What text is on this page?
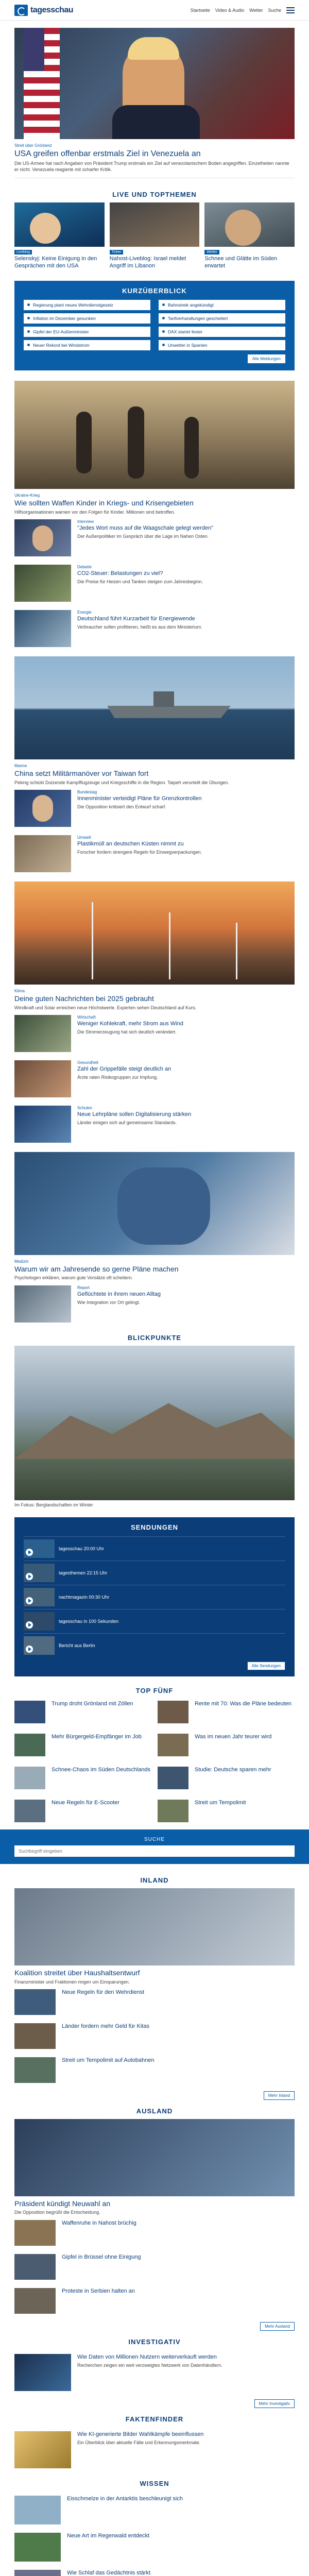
tagesschau	Startseite Video & Audio Wetter Suche
Streit über Grönland
USA greifen offenbar erstmals Ziel in Venezuela an
Die US-Armee hat nach Angaben von Präsident Trump erstmals ein Ziel auf venezolanischem Boden angegriffen. Einzelheiten nannte er nicht. Venezuela reagierte mit scharfer Kritik.
LIVE UND TOPTHEMEN
Liveblog
Selenskyj: Keine Einigung in den Gesprächen mit den USA
Ticker
Nahost-Liveblog: Israel meldet Angriff im Libanon
Wetter
Schnee und Glätte im Süden erwartet
KURZÜBERBLICK
Regierung plant neues Wehrdienstgesetz	Bahnstreik angekündigt
Inflation im Dezember gesunken	Tarifverhandlungen gescheitert
Gipfel der EU-Außenminister	DAX startet fester
Neuer Rekord bei Windstrom	Unwetter in Spanien
Alle Meldungen
Ukraine-Krieg
Wie sollten Waffen Kinder in Kriegs- und Krisengebieten
Hilfsorganisationen warnen vor den Folgen für Kinder. Millionen sind betroffen.
Interview
"Jedes Wort muss auf die Waagschale gelegt werden"
Der Außenpolitiker im Gespräch über die Lage im Nahen Osten.
Debatte
CO2-Steuer: Belastungen zu viel?
Die Preise für Heizen und Tanken steigen zum Jahresbeginn.
Energie
Deutschland führt Kurzarbeit für Energiewende
Verbraucher sollen profitieren, heißt es aus dem Ministerium.
Marine
China setzt Militärmanöver vor Taiwan fort
Peking schickt Dutzende Kampfflugzeuge und Kriegsschiffe in die Region. Taipeh verurteilt die Übungen.
Bundestag
Innenminister verteidigt Pläne für Grenzkontrollen
Die Opposition kritisiert den Entwurf scharf.
Umwelt
Plastikmüll an deutschen Küsten nimmt zu
Forscher fordern strengere Regeln für Einwegverpackungen.
Klima
Deine guten Nachrichten bei 2025 gebrauht
Windkraft und Solar erreichen neue Höchstwerte. Experten sehen Deutschland auf Kurs.
Wirtschaft
Weniger Kohlekraft, mehr Strom aus Wind
Die Stromerzeugung hat sich deutlich verändert.
Gesundheit
Zahl der Grippefälle steigt deutlich an
Ärzte raten Risikogruppen zur Impfung.
Schulen
Neue Lehrpläne sollen Digitalisierung stärken
Länder einigen sich auf gemeinsame Standards.
Medizin
Warum wir am Jahresende so gerne Pläne machen
Psychologen erklären, warum gute Vorsätze oft scheitern.
Report
Geflüchtete in ihrem neuen Alltag
Wie Integration vor Ort gelingt.
BLICKPUNKTE
Im Fokus: Berglandschaften im Winter
SENDUNGEN
tagesschau 20:00 Uhr
tagesthemen 22:15 Uhr
nachtmagazin 00:30 Uhr
tagesschau in 100 Sekunden
Bericht aus Berlin
Alle Sendungen
TOP FÜNF
Trump droht Grönland mit Zöllen	Rente mit 70: Was die Pläne bedeuten
Mehr Bürgergeld-Empfänger im Job	Was im neuen Jahr teurer wird
Schnee-Chaos im Süden Deutschlands	Studie: Deutsche sparen mehr
Neue Regeln für E-Scooter	Streit um Tempolimit
SUCHE
Suchbegriff eingeben
INLAND
Koalition streitet über Haushaltsentwurf
Finanzminister und Fraktionen ringen um Einsparungen.
Neue Regeln für den Wehrdienst
Länder fordern mehr Geld für Kitas
Streit um Tempolimit auf Autobahnen
Mehr Inland
AUSLAND
Präsident kündigt Neuwahl an
Die Opposition begrüßt die Entscheidung.
Waffenruhe in Nahost brüchig
Gipfel in Brüssel ohne Einigung
Proteste in Serbien halten an
Mehr Ausland
INVESTIGATIV
Wie Daten von Millionen Nutzern weiterverkauft werden
Recherchen zeigen ein weit verzweigtes Netzwerk von Datenhändlern.
Mehr Investigativ
FAKTENFINDER
Wie KI-generierte Bilder Wahlkämpfe beeinflussen
Ein Überblick über aktuelle Fälle und Erkennungsmerkmale.
WISSEN
Eisschmelze in der Antarktis beschleunigt sich
Neue Art im Regenwald entdeckt
Wie Schlaf das Gedächtnis stärkt
